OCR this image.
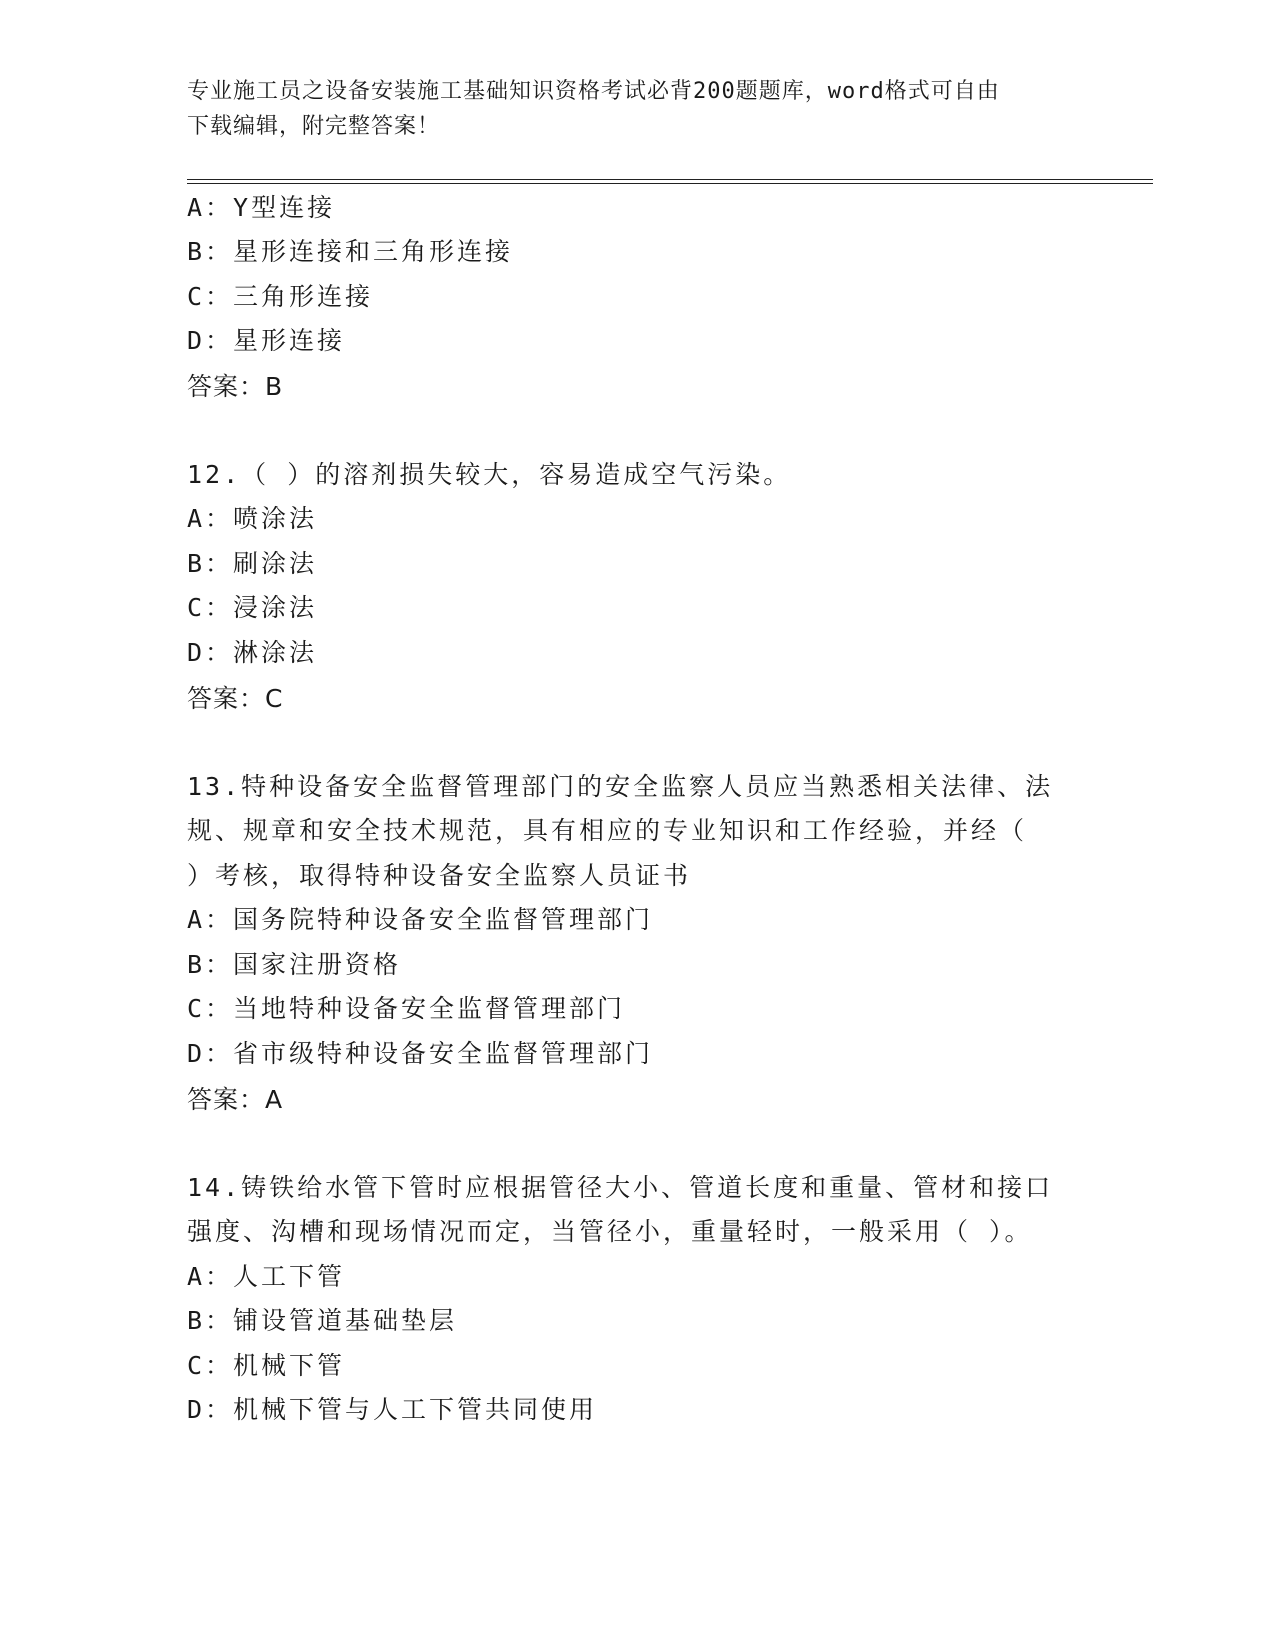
专业施工员之设备安装施工基础知识资格考试必背200题题库，word格式可自由
下载编辑，附完整答案！
A：Y型连接
B：星形连接和三角形连接
C：三角形连接
D：星形连接
答案：B
12.（ ）的溶剂损失较大，容易造成空气污染。
A：喷涂法
B：刷涂法
C：浸涂法
D：淋涂法
答案：C
13.特种设备安全监督管理部门的安全监察人员应当熟悉相关法律、法
规、规章和安全技术规范，具有相应的专业知识和工作经验，并经（
）考核，取得特种设备安全监察人员证书
A：国务院特种设备安全监督管理部门
B：国家注册资格
C：当地特种设备安全监督管理部门
D：省市级特种设备安全监督管理部门
答案：A
14.铸铁给水管下管时应根据管径大小、管道长度和重量、管材和接口
强度、沟槽和现场情况而定，当管径小，重量轻时，一般采用（ ）。
A：人工下管
B：铺设管道基础垫层
C：机械下管
D：机械下管与人工下管共同使用
